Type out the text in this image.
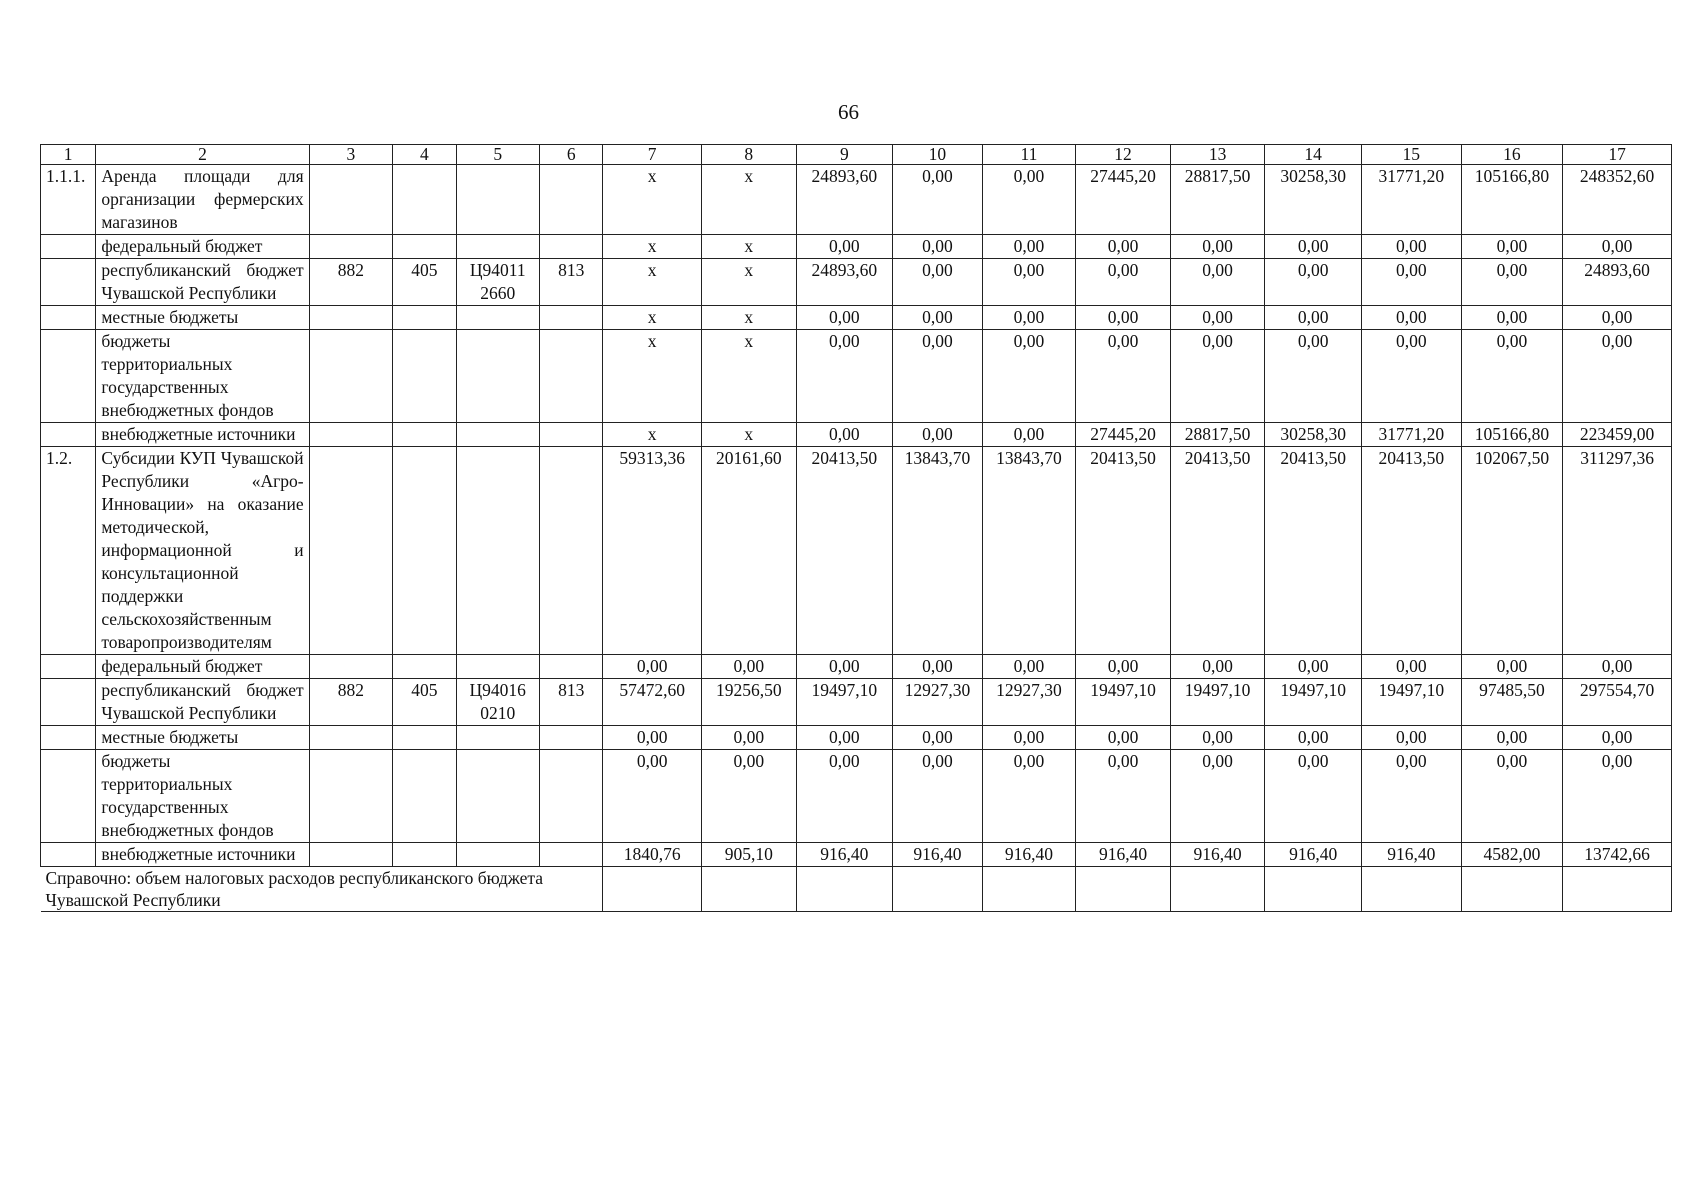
66
1	2	3	4	5	6	7	8	9	10	11	12	13	14	15	16	17
1.1.1.	Аренда площади для организации фермерских магазинов					х	х	24893,60	0,00	0,00	27445,20	28817,50	30258,30	31771,20	105166,80	248352,60
	федеральный бюджет					х	х	0,00	0,00	0,00	0,00	0,00	0,00	0,00	0,00	0,00
	республиканский бюджет Чувашской Республики	882	405	Ц94011 2660	813	х	х	24893,60	0,00	0,00	0,00	0,00	0,00	0,00	0,00	24893,60
	местные бюджеты					х	х	0,00	0,00	0,00	0,00	0,00	0,00	0,00	0,00	0,00
	бюджеты территориальных государственных внебюджетных фондов					х	х	0,00	0,00	0,00	0,00	0,00	0,00	0,00	0,00	0,00
	внебюджетные источники					х	х	0,00	0,00	0,00	27445,20	28817,50	30258,30	31771,20	105166,80	223459,00
1.2.	Субсидии КУП Чувашской Республики «Агро-Инновации» на оказание методической, информационной и консультационной поддержки сельскохозяйственным товаропроизводителям					59313,36	20161,60	20413,50	13843,70	13843,70	20413,50	20413,50	20413,50	20413,50	102067,50	311297,36
	федеральный бюджет					0,00	0,00	0,00	0,00	0,00	0,00	0,00	0,00	0,00	0,00	0,00
	республиканский бюджет Чувашской Республики	882	405	Ц94016 0210	813	57472,60	19256,50	19497,10	12927,30	12927,30	19497,10	19497,10	19497,10	19497,10	97485,50	297554,70
	местные бюджеты					0,00	0,00	0,00	0,00	0,00	0,00	0,00	0,00	0,00	0,00	0,00
	бюджеты территориальных государственных внебюджетных фондов					0,00	0,00	0,00	0,00	0,00	0,00	0,00	0,00	0,00	0,00	0,00
	внебюджетные источники					1840,76	905,10	916,40	916,40	916,40	916,40	916,40	916,40	916,40	4582,00	13742,66
Справочно: объем налоговых расходов республиканского бюджета Чувашской Республики																
